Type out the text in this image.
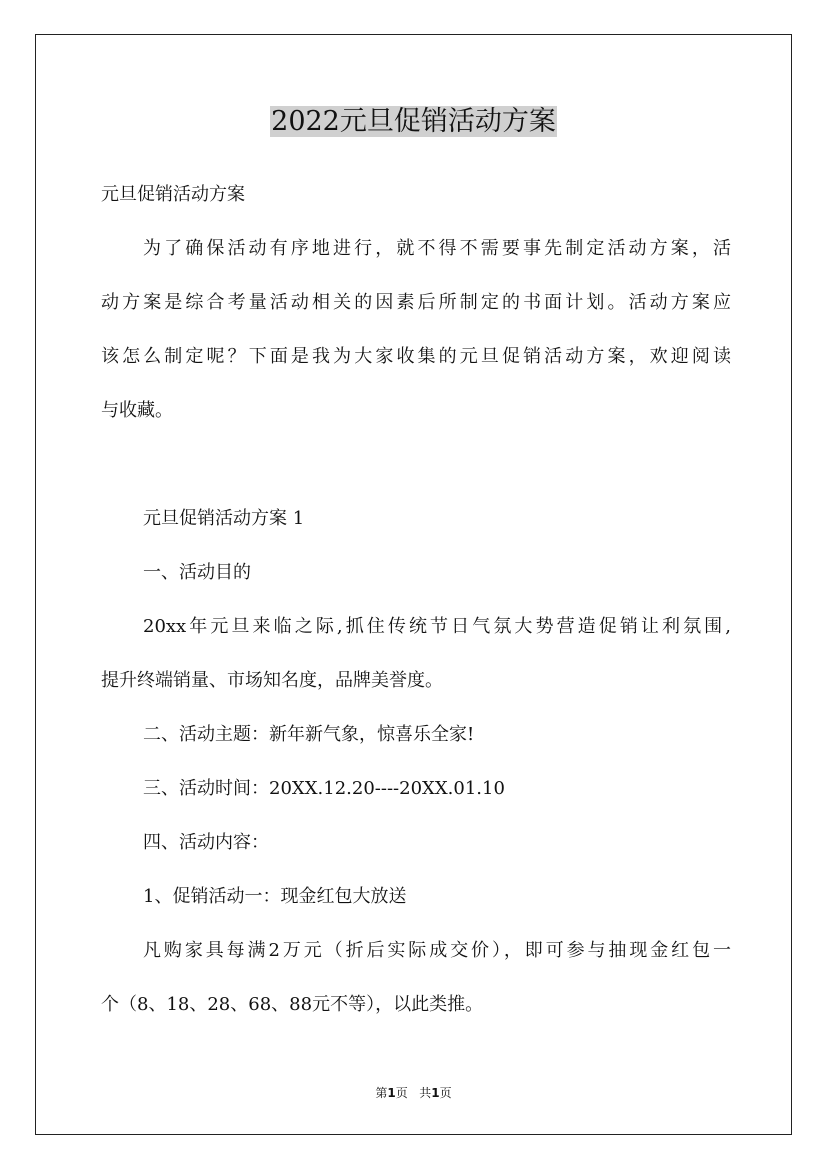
2022元旦促销活动方案
元旦促销活动方案
为了确保活动有序地进行，就不得不需要事先制定活动方案，活
动方案是综合考量活动相关的因素后所制定的书面计划。活动方案应
该怎么制定呢？下面是我为大家收集的元旦促销活动方案，欢迎阅读
与收藏。
元旦促销活动方案 1
一、活动目的
20xx年元旦来临之际,抓住传统节日气氛大势营造促销让利氛围,
提升终端销量、市场知名度，品牌美誉度。
二、活动主题：新年新气象，惊喜乐全家!
三、活动时间：20XX.12.20----20XX.01.10
四、活动内容：
1、促销活动一：现金红包大放送
凡购家具每满2万元（折后实际成交价），即可参与抽现金红包一
个（8、18、28、68、88元不等），以此类推。
第1页   共1页
